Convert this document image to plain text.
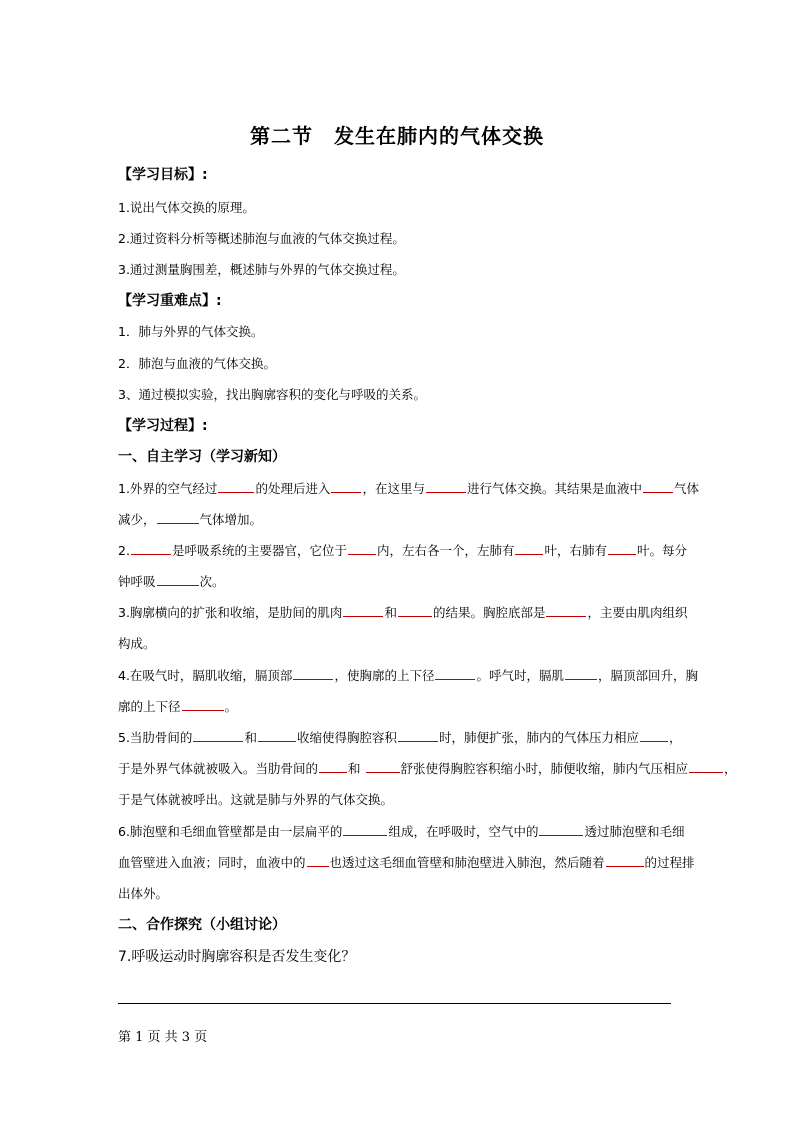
第二节　发生在肺内的气体交换
【学习目标】:
1.说出气体交换的原理。
2.通过资料分析等概述肺泡与血液的气体交换过程。
3.通过测量胸围差，概述肺与外界的气体交换过程。
【学习重难点】:
1．肺与外界的气体交换。
2．肺泡与血液的气体交换。
3、通过模拟实验，找出胸廓容积的变化与呼吸的关系。
【学习过程】:
一、自主学习（学习新知）
1.外界的空气经过	的处理后进入	，在这里与	进行气体交换。其结果是血液中	气体
减少，	气体增加。
2.	是呼吸系统的主要器官，它位于 内，左右各一个，左肺有 叶，右肺有 叶。每分
钟呼吸	次。
3.胸廓横向的扩张和收缩，是肋间的肌肉	和	的结果。胸腔底部是	，主要由肌肉组织
构成。
4.在吸气时，膈肌收缩，膈顶部	，使胸廓的上下径	。呼气时，膈肌	，膈顶部回升，胸
廓的上下径	。
5.当肋骨间的	和	收缩使得胸腔容积	时，肺便扩张，肺内的气体压力相应 ，
于是外界气体就被吸入。当肋骨间的 和	舒张使得胸腔容积缩小时，肺便收缩，肺内气压相应	，
于是气体就被呼出。这就是肺与外界的气体交换。
6.肺泡壁和毛细血管壁都是由一层扁平的	组成，在呼吸时，空气中的	透过肺泡壁和毛细
血管壁进入血液；同时，血液中的 也透过这毛细血管壁和肺泡壁进入肺泡，然后随着	的过程排
出体外。
二、合作探究（小组讨论）
7.呼吸运动时胸廓容积是否发生变化？
第 1 页 共 3 页
